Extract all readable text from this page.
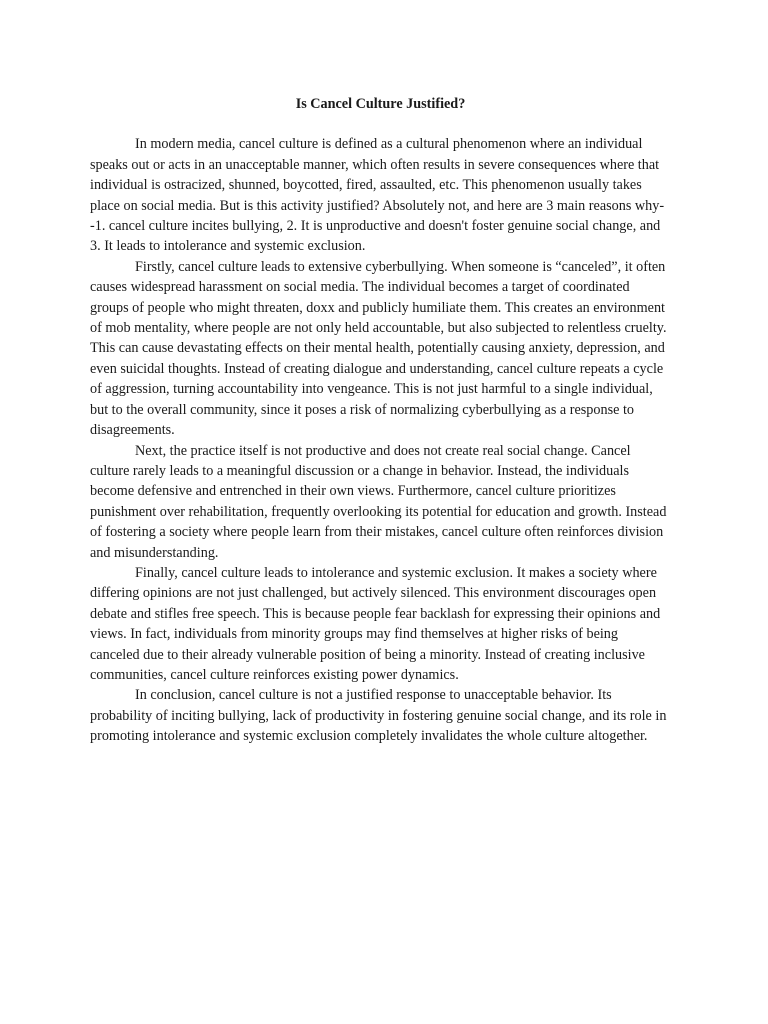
Is Cancel Culture Justified?

In modern media, cancel culture is defined as a cultural phenomenon where an individual speaks out or acts in an unacceptable manner, which often results in severe consequences where that individual is ostracized, shunned, boycotted, fired, assaulted, etc. This phenomenon usually takes place on social media. But is this activity justified? Absolutely not, and here are 3 main reasons why--1. cancel culture incites bullying, 2. It is unproductive and doesn't foster genuine social change, and 3. It leads to intolerance and systemic exclusion.

Firstly, cancel culture leads to extensive cyberbullying. When someone is “canceled”, it often causes widespread harassment on social media. The individual becomes a target of coordinated groups of people who might threaten, doxx and publicly humiliate them. This creates an environment of mob mentality, where people are not only held accountable, but also subjected to relentless cruelty. This can cause devastating effects on their mental health, potentially causing anxiety, depression, and even suicidal thoughts. Instead of creating dialogue and understanding, cancel culture repeats a cycle of aggression, turning accountability into vengeance. This is not just harmful to a single individual, but to the overall community, since it poses a risk of normalizing cyberbullying as a response to disagreements.

Next, the practice itself is not productive and does not create real social change. Cancel culture rarely leads to a meaningful discussion or a change in behavior. Instead, the individuals become defensive and entrenched in their own views. Furthermore, cancel culture prioritizes punishment over rehabilitation, frequently overlooking its potential for education and growth. Instead of fostering a society where people learn from their mistakes, cancel culture often reinforces division and misunderstanding.

Finally, cancel culture leads to intolerance and systemic exclusion. It makes a society where differing opinions are not just challenged, but actively silenced. This environment discourages open debate and stifles free speech. This is because people fear backlash for expressing their opinions and views. In fact, individuals from minority groups may find themselves at higher risks of being canceled due to their already vulnerable position of being a minority. Instead of creating inclusive communities, cancel culture reinforces existing power dynamics.

In conclusion, cancel culture is not a justified response to unacceptable behavior. Its probability of inciting bullying, lack of productivity in fostering genuine social change, and its role in promoting intolerance and systemic exclusion completely invalidates the whole culture altogether.
